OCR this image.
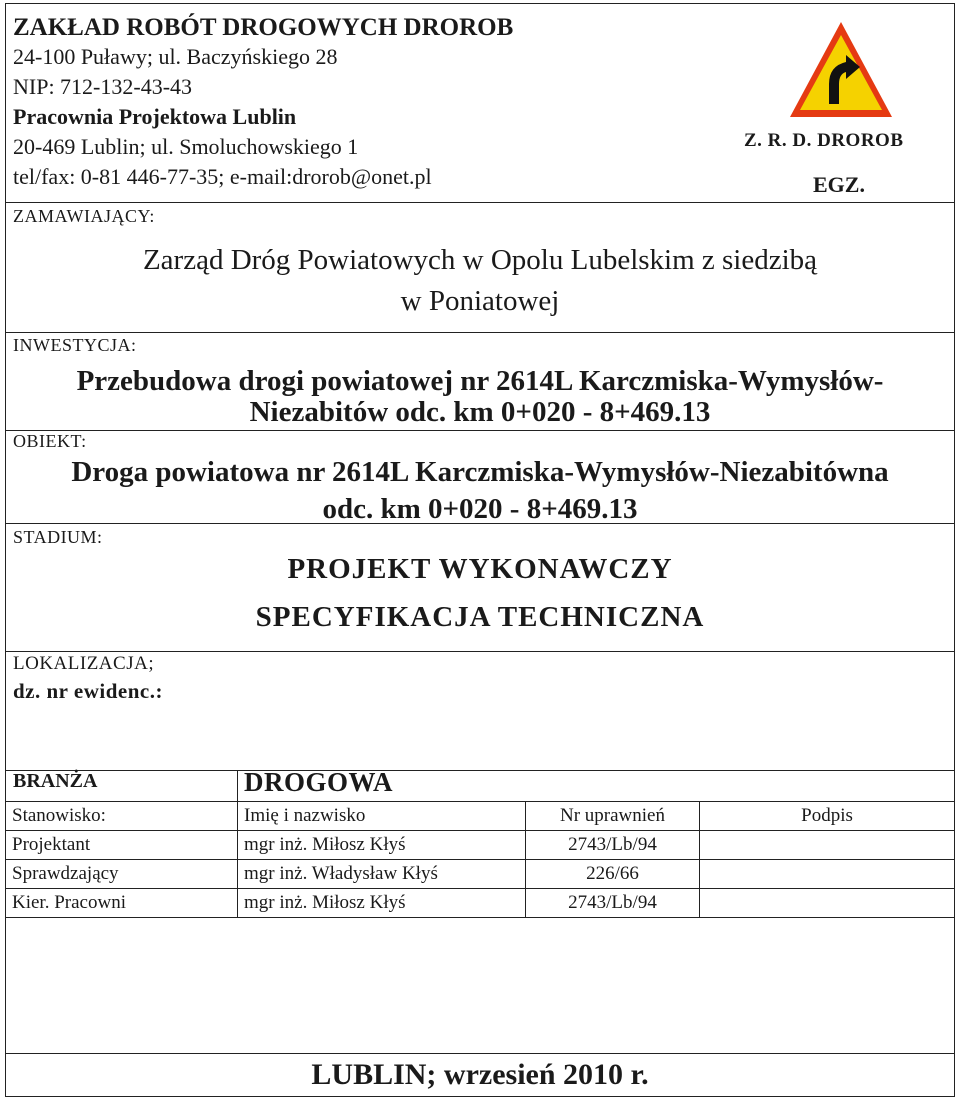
ZAKŁAD ROBÓT DROGOWYCH DROROB
24-100 Puławy; ul. Baczyńskiego 28
NIP: 712-132-43-43
Pracownia Projektowa Lublin
20-469 Lublin; ul. Smoluchowskiego 1
tel/fax: 0-81 446-77-35; e-mail:drorob@onet.pl
Z. R. D. DROROB
EGZ.
ZAMAWIAJĄCY:
Zarząd Dróg Powiatowych w Opolu Lubelskim z siedzibą
w Poniatowej
INWESTYCJA:
Przebudowa drogi powiatowej nr 2614L Karczmiska-Wymysłów-
Niezabitów odc. km 0+020 - 8+469.13
OBIEKT:
Droga powiatowa nr 2614L Karczmiska-Wymysłów-Niezabitówna
odc. km 0+020 - 8+469.13
STADIUM:
PROJEKT WYKONAWCZY
SPECYFIKACJA TECHNICZNA
LOKALIZACJA;
dz. nr ewidenc.:
BRANŻA	DROGOWA
Stanowisko:	Imię i nazwisko	Nr uprawnień	Podpis
Projektant	mgr inż. Miłosz Kłyś	2743/Lb/94	
Sprawdzający	mgr inż. Władysław Kłyś	226/66	
Kier. Pracowni	mgr inż. Miłosz Kłyś	2743/Lb/94	
LUBLIN; wrzesień 2010 r.
